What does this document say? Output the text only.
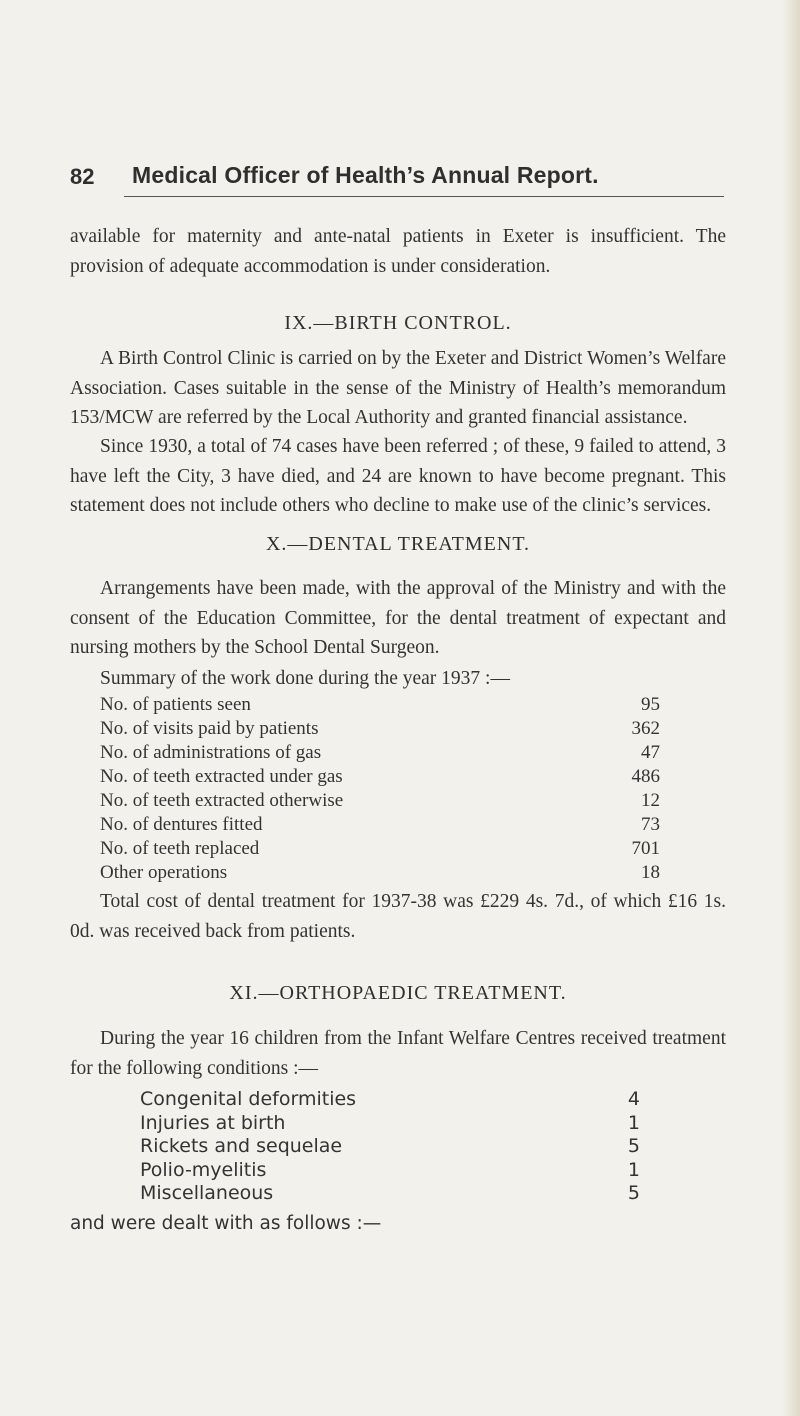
82 Medical Officer of Health’s Annual Report.
available for maternity and ante-natal patients in Exeter is insufficient. The provision of adequate accommodation is under consideration.
IX.—BIRTH CONTROL.
A Birth Control Clinic is carried on by the Exeter and District Women’s Welfare Association. Cases suitable in the sense of the Ministry of Health’s memorandum 153/MCW are referred by the Local Authority and granted financial assistance.
Since 1930, a total of 74 cases have been referred ; of these, 9 failed to attend, 3 have left the City, 3 have died, and 24 are known to have become pregnant. This statement does not include others who decline to make use of the clinic’s services.
X.—DENTAL TREATMENT.
Arrangements have been made, with the approval of the Ministry and with the consent of the Education Committee, for the dental treatment of expectant and nursing mothers by the School Dental Surgeon.
Summary of the work done during the year 1937 :—
No. of patients seen	95
No. of visits paid by patients	362
No. of administrations of gas	47
No. of teeth extracted under gas	486
No. of teeth extracted otherwise	12
No. of dentures fitted	73
No. of teeth replaced	701
Other operations	18
Total cost of dental treatment for 1937-38 was £229 4s. 7d., of which £16 1s. 0d. was received back from patients.
XI.—ORTHOPAEDIC TREATMENT.
During the year 16 children from the Infant Welfare Centres received treatment for the following conditions :—
Congenital deformities	4
Injuries at birth	1
Rickets and sequelae	5
Polio-myelitis	1
Miscellaneous	5
and were dealt with as follows :—
